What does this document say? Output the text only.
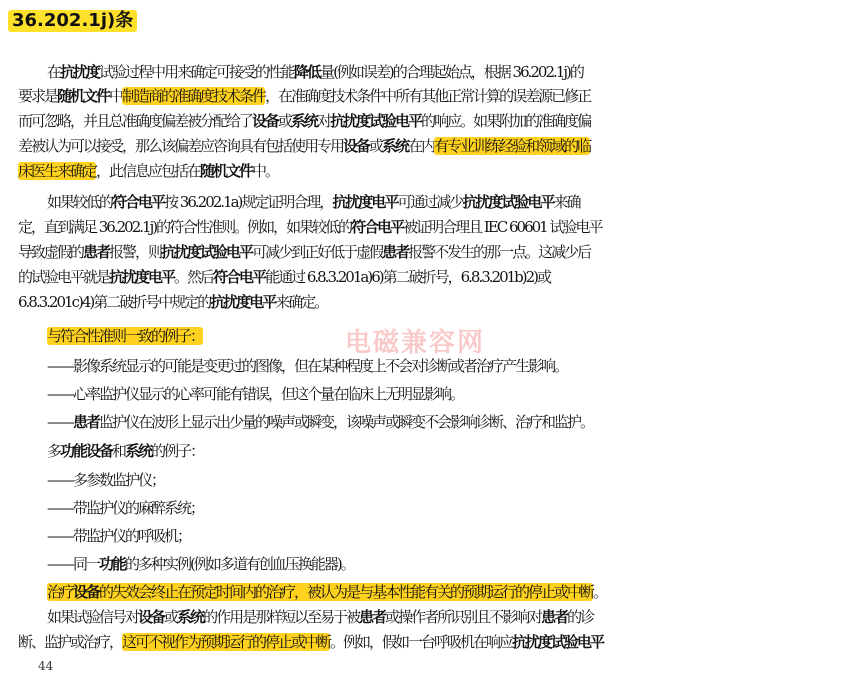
36.202.1j)条
在抗扰度试验过程中用来确定可接受的性能降低量(例如误差)的合理起始点，根据 36.202.1j)的
要求是随机文件中制造商的准确度技术条件，在准确度技术条件中所有其他正常计算的误差源已修正
而可忽略，并且总准确度偏差被分配给了设备或系统对抗扰度试验电平的响应。如果附加的准确度偏
差被认为可以接受，那么该偏差应咨询具有包括使用专用设备或系统在内有专业训练经验和领域的临
床医生来确定，此信息应包括在随机文件中。
如果较低的符合电平按 36.202.1a)规定证明合理，抗扰度电平可通过减少抗扰度试验电平来确
定，直到满足 36.202.1j)的符合性准则。例如，如果较低的符合电平被证明合理且 IEC 60601 试验电平
导致虚假的患者报警，则抗扰度试验电平可减少到正好低于虚假患者报警不发生的那一点。这减少后
的试验电平就是抗扰度电平。然后符合电平能通过 6.8.3.201a)6)第二破折号，6.8.3.201b)2)或
6.8.3.201c)4)第二破折号中规定的抗扰度电平来确定。
与符合性准则一致的例子：
——影像系统显示的可能是变更过的图像，但在某种程度上不会对诊断或者治疗产生影响。
——心率监护仪显示的心率可能有错误，但这个量在临床上无明显影响。
——患者监护仪在波形上显示出少量的噪声或瞬变，该噪声或瞬变不会影响诊断、治疗和监护。
多功能设备和系统的例子：
——多参数监护仪；
——带监护仪的麻醉系统；
——带监护仪的呼吸机；
——同一功能的多种实例(例如多道有创血压换能器)。
治疗设备的失效会终止在预定时间内的治疗，被认为是与基本性能有关的预期运行的停止或中断。
如果试验信号对设备或系统的作用是那样短以至易于被患者或操作者所识别且不影响对患者的诊
断、监护或治疗，这可不视作为预期运行的停止或中断。例如，假如一台呼吸机在响应抗扰度试验电平
电磁兼容网
44
